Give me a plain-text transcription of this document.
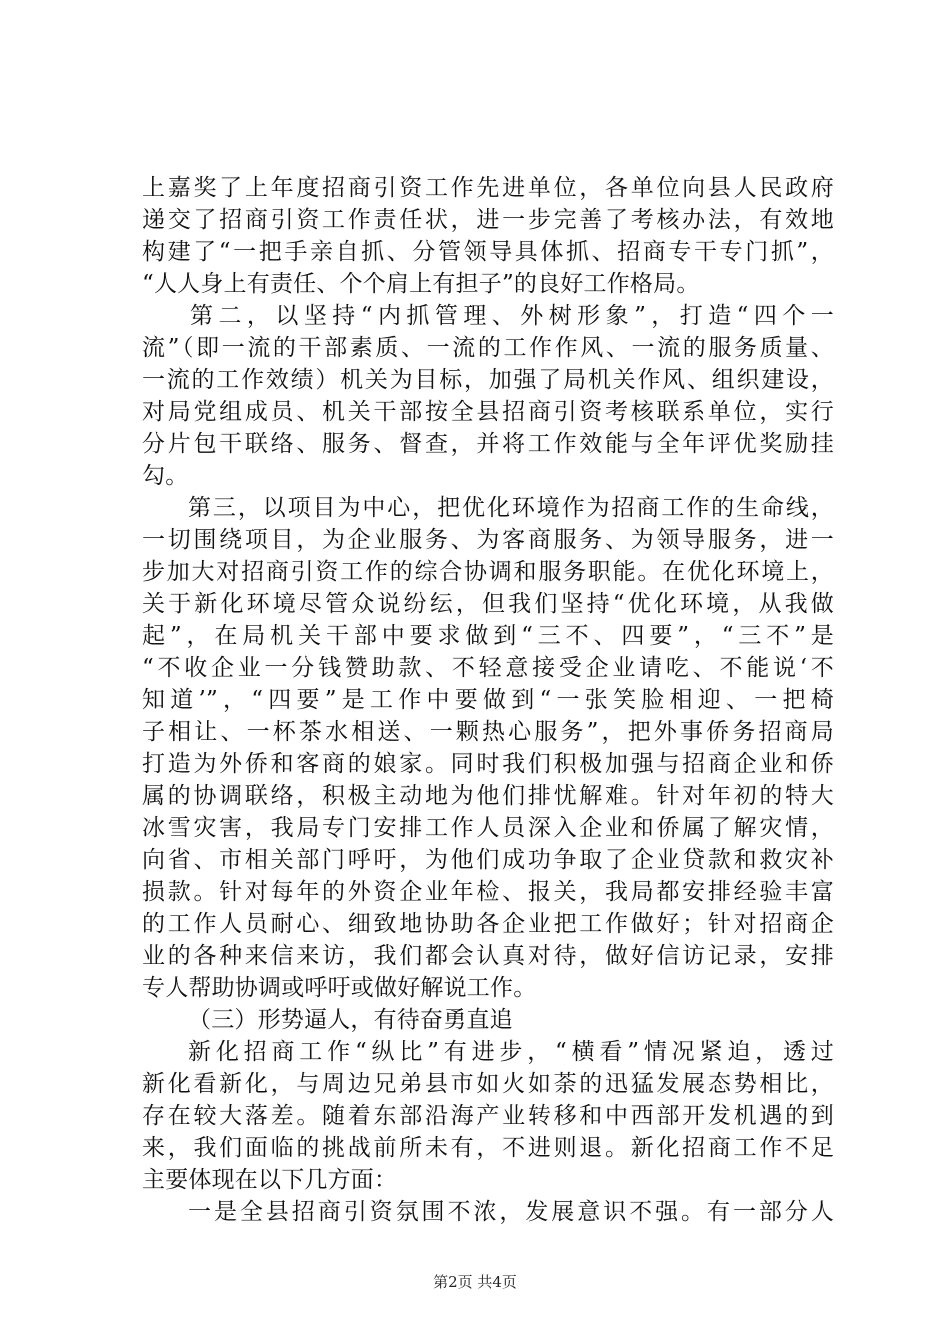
上嘉奖了上年度招商引资工作先进单位，各单位向县人民政府
递交了招商引资工作责任状，进一步完善了考核办法，有效地
构建了“一把手亲自抓、分管领导具体抓、招商专干专门抓”，
“人人身上有责任、个个肩上有担子”的良好工作格局。
第二，以坚持“内抓管理、外树形象”，打造“四个一
流”（即一流的干部素质、一流的工作作风、一流的服务质量、
一流的工作效绩）机关为目标，加强了局机关作风、组织建设，
对局党组成员、机关干部按全县招商引资考核联系单位，实行
分片包干联络、服务、督查，并将工作效能与全年评优奖励挂
勾。
第三，以项目为中心，把优化环境作为招商工作的生命线，
一切围绕项目，为企业服务、为客商服务、为领导服务，进一
步加大对招商引资工作的综合协调和服务职能。在优化环境上，
关于新化环境尽管众说纷纭，但我们坚持“优化环境，从我做
起”，在局机关干部中要求做到“三不、四要”，“三不”是
“不收企业一分钱赞助款、不轻意接受企业请吃、不能说‘不
知道’”，“四要”是工作中要做到“一张笑脸相迎、一把椅
子相让、一杯茶水相送、一颗热心服务”，把外事侨务招商局
打造为外侨和客商的娘家。同时我们积极加强与招商企业和侨
属的协调联络，积极主动地为他们排忧解难。针对年初的特大
冰雪灾害，我局专门安排工作人员深入企业和侨属了解灾情，
向省、市相关部门呼吁，为他们成功争取了企业贷款和救灾补
损款。针对每年的外资企业年检、报关，我局都安排经验丰富
的工作人员耐心、细致地协助各企业把工作做好；针对招商企
业的各种来信来访，我们都会认真对待，做好信访记录，安排
专人帮助协调或呼吁或做好解说工作。
（三）形势逼人，有待奋勇直追
新化招商工作“纵比”有进步，“横看”情况紧迫，透过
新化看新化，与周边兄弟县市如火如荼的迅猛发展态势相比，
存在较大落差。随着东部沿海产业转移和中西部开发机遇的到
来，我们面临的挑战前所未有，不进则退。新化招商工作不足
主要体现在以下几方面：
一是全县招商引资氛围不浓，发展意识不强。有一部分人
第2页 共4页
